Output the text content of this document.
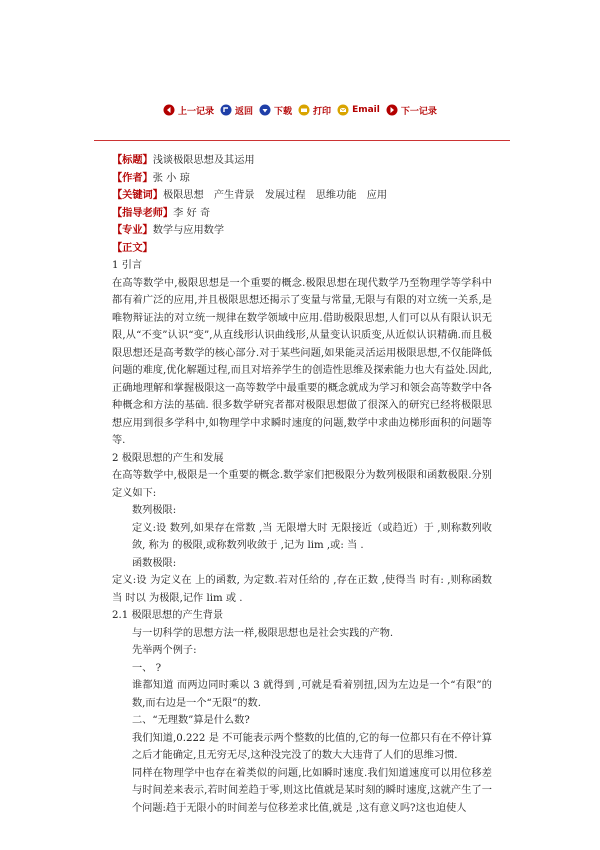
上一记录 返回 下载 打印 Email 下一记录
【标题】浅谈极限思想及其运用
【作者】张 小 琼
【关键词】极限思想　产生背景　发展过程　思维功能　应用
【指导老师】李 好 奇
【专业】数学与应用数学
【正文】
1 引言
在高等数学中,极限思想是一个重要的概念.极限思想在现代数学乃至物理学等学科中都有着广泛的应用,并且极限思想还揭示了变量与常量,无限与有限的对立统一关系,是唯物辩证法的对立统一规律在数学领域中应用.借助极限思想,人们可以从有限认识无限,从“不变”认识“变”,从直线形认识曲线形,从量变认识质变,从近似认识精确.而且极限思想还是高考数学的核心部分.对于某些问题,如果能灵活运用极限思想,不仅能降低问题的难度,优化解题过程,而且对培养学生的创造性思维及探索能力也大有益处.因此,正确地理解和掌握极限这一高等数学中最重要的概念就成为学习和领会高等数学中各种概念和方法的基础. 很多数学研究者都对极限思想做了很深入的研究已经将极限思想应用到很多学科中,如物理学中求瞬时速度的问题,数学中求曲边梯形面积的问题等等.
2 极限思想的产生和发展
在高等数学中,极限是一个重要的概念.数学家们把极限分为数列极限和函数极限.分别定义如下:
数列极限:
定义:设 数列,如果存在常数 ,当 无限增大时 无限接近（或趋近）于 ,则称数列收敛, 称为 的极限,或称数列收敛于 ,记为 lim ,或: 当 .
函数极限:
定义:设 为定义在 上的函数, 为定数.若对任给的 ,存在正数 ,使得当 时有: ,则称函数 当 时以 为极限,记作 lim 或 .
2.1 极限思想的产生背景
与一切科学的思想方法一样,极限思想也是社会实践的产物.
先举两个例子:
一、 ?
谁都知道 而两边同时乘以 3 就得到 ,可就是看着别扭,因为左边是一个“有限”的数,而右边是一个“无限”的数.
二、“无理数”算是什么数?
我们知道,0.222 是 不可能表示两个整数的比值的,它的每一位都只有在不停计算之后才能确定,且无穷无尽,这种没完没了的数大大违背了人们的思维习惯.
同样在物理学中也存在着类似的问题,比如瞬时速度.我们知道速度可以用位移差与时间差来表示,若时间差趋于零,则这比值就是某时刻的瞬时速度,这就产生了一个问题:趋于无限小的时间差与位移差求比值,就是 ,这有意义吗?这也迫使人
